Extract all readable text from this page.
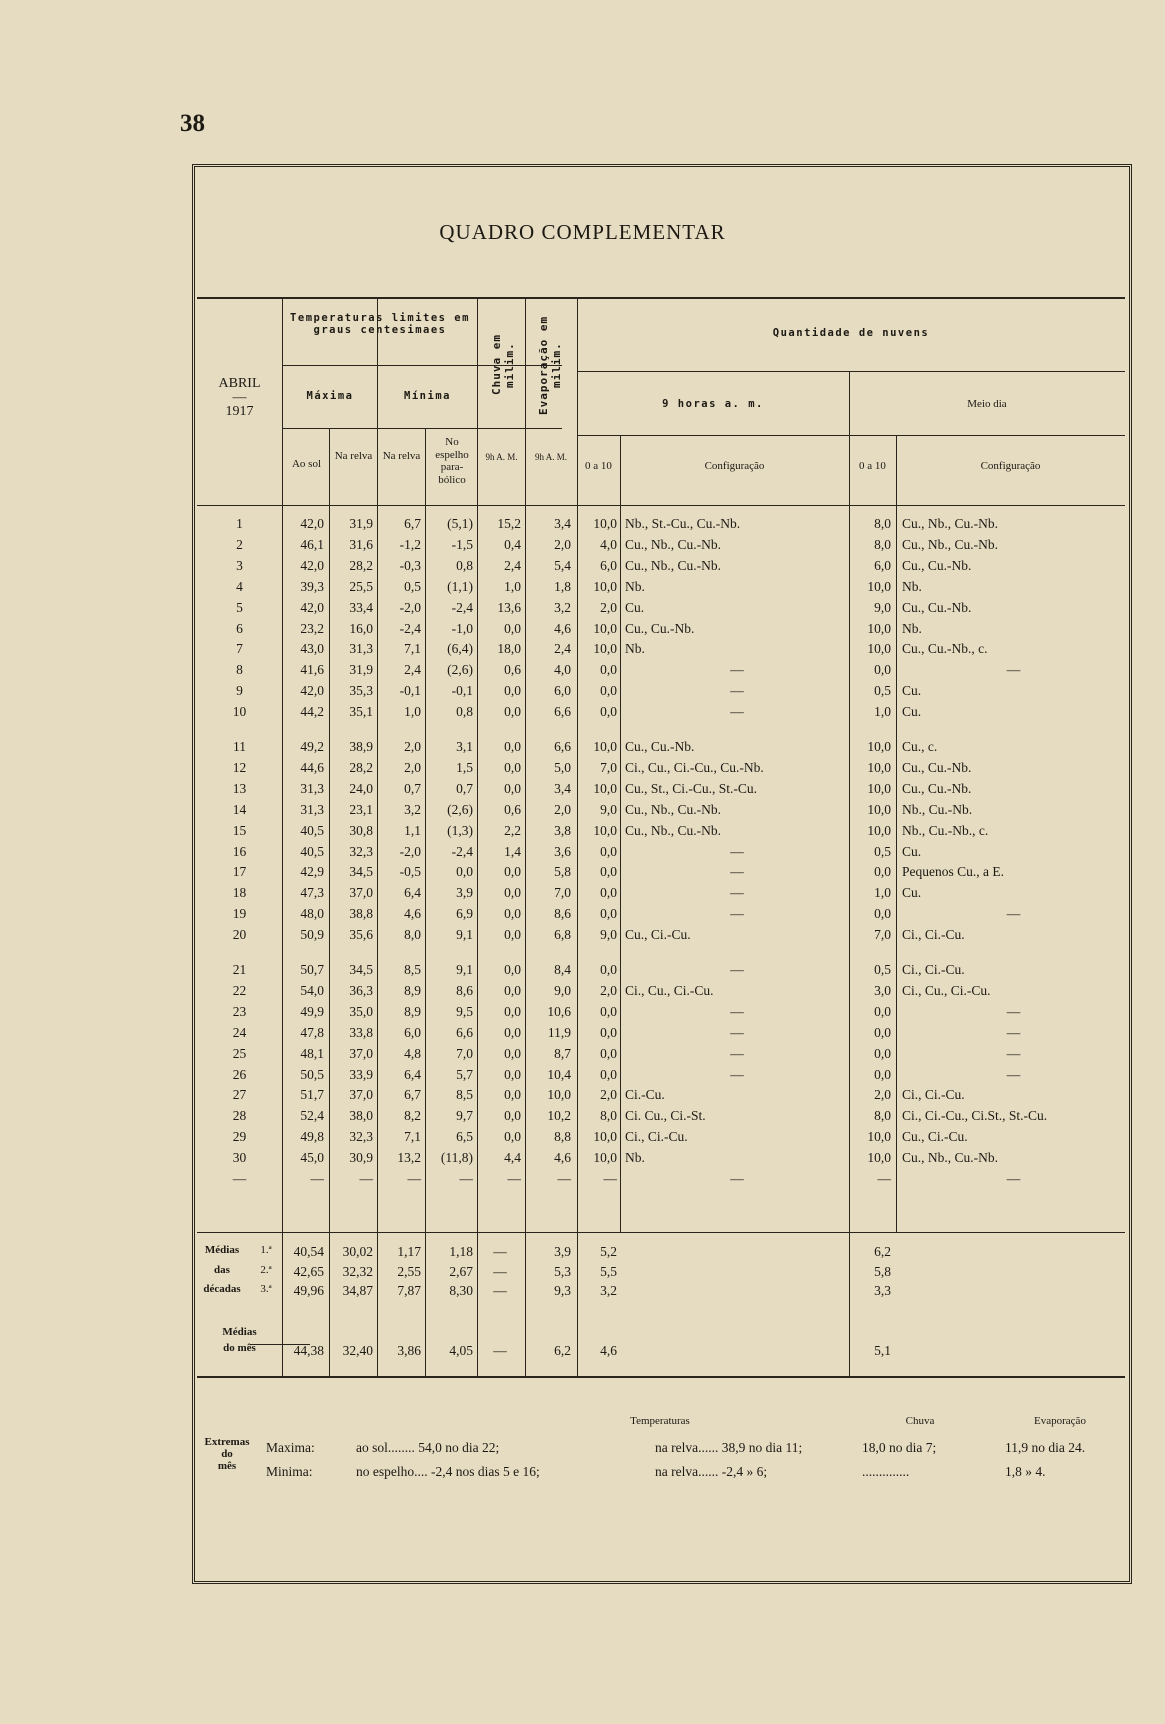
38
QUADRO COMPLEMENTAR
ABRIL
—
1917
Temperaturas limites em graus centesimaes
Máxima	Mínima
Ao sol
Na relva Na relva
No espelho para-bólico
Chuva em milim. Evaporação em milim.
9h A. M.	9h A. M.
Quantidade de nuvens
9 horas a. m.	Meio dia
0 a 10	Configuração	0 a 10	Configuração
1	42,0	31,9	6,7	(5,1)	15,2	3,4	10,0 Nb., St.-Cu., Cu.-Nb.	8,0 Cu., Nb., Cu.-Nb.
2	46,1	31,6	-1,2	-1,5	0,4	2,0	4,0 Cu., Nb., Cu.-Nb.	8,0 Cu., Nb., Cu.-Nb.
3	42,0	28,2	-0,3	0,8	2,4	5,4	6,0 Cu., Nb., Cu.-Nb.	6,0 Cu., Cu.-Nb.
4	39,3	25,5	0,5	(1,1)	1,0	1,8	10,0 Nb.	10,0 Nb.
5	42,0	33,4	-2,0	-2,4	13,6	3,2	2,0 Cu.	9,0 Cu., Cu.-Nb.
6	23,2	16,0	-2,4	-1,0	0,0	4,6	10,0 Cu., Cu.-Nb.	10,0 Nb.
7	43,0	31,3	7,1	(6,4)	18,0	2,4	10,0 Nb.	10,0 Cu., Cu.-Nb., c.
8	41,6	31,9	2,4	(2,6)	0,6	4,0	0,0	—	0,0	—
9	42,0	35,3	-0,1	-0,1	0,0	6,0	0,0	—	0,5 Cu.
10	44,2	35,1	1,0	0,8	0,0	6,6	0,0	—	1,0 Cu.
11	49,2	38,9	2,0	3,1	0,0	6,6	10,0 Cu., Cu.-Nb.	10,0 Cu., c.
12	44,6	28,2	2,0	1,5	0,0	5,0	7,0 Ci., Cu., Ci.-Cu., Cu.-Nb.	10,0 Cu., Cu.-Nb.
13	31,3	24,0	0,7	0,7	0,0	3,4	10,0 Cu., St., Ci.-Cu., St.-Cu.	10,0 Cu., Cu.-Nb.
14	31,3	23,1	3,2	(2,6)	0,6	2,0	9,0 Cu., Nb., Cu.-Nb.	10,0 Nb., Cu.-Nb.
15	40,5	30,8	1,1	(1,3)	2,2	3,8	10,0 Cu., Nb., Cu.-Nb.	10,0 Nb., Cu.-Nb., c.
16	40,5	32,3	-2,0	-2,4	1,4	3,6	0,0	—	0,5 Cu.
17	42,9	34,5	-0,5	0,0	0,0	5,8	0,0	—	0,0 Pequenos Cu., a E.
18	47,3	37,0	6,4	3,9	0,0	7,0	0,0	—	1,0 Cu.
19	48,0	38,8	4,6	6,9	0,0	8,6	0,0	—	0,0	—
20	50,9	35,6	8,0	9,1	0,0	6,8	9,0 Cu., Ci.-Cu.	7,0 Ci., Ci.-Cu.
21	50,7	34,5	8,5	9,1	0,0	8,4	0,0	—	0,5 Ci., Ci.-Cu.
22	54,0	36,3	8,9	8,6	0,0	9,0	2,0 Ci., Cu., Ci.-Cu.	3,0 Ci., Cu., Ci.-Cu.
23	49,9	35,0	8,9	9,5	0,0	10,6	0,0	—	0,0	—
24	47,8	33,8	6,0	6,6	0,0	11,9	0,0	—	0,0	—
25	48,1	37,0	4,8	7,0	0,0	8,7	0,0	—	0,0	—
26	50,5	33,9	6,4	5,7	0,0	10,4	0,0	—	0,0	—
27	51,7	37,0	6,7	8,5	0,0	10,0	2,0 Ci.-Cu.	2,0 Ci., Ci.-Cu.
28	52,4	38,0	8,2	9,7	0,0	10,2	8,0 Ci. Cu., Ci.-St.	8,0 Ci., Ci.-Cu., Ci.St., St.-Cu.
29	49,8	32,3	7,1	6,5	0,0	8,8	10,0 Ci., Ci.-Cu.	10,0 Cu., Ci.-Cu.
30	45,0	30,9	13,2	(11,8)	4,4	4,6	10,0 Nb.	10,0 Cu., Nb., Cu.-Nb.
—	—	—	—	—	—	—	—	—	—	—
Médias
das
décadas
1.ª
2.ª
3.ª
40,54	30,02	1,17	1,18	—	3,9	5,2	6,2
42,65	32,32	2,55	2,67	—	5,3	5,5	5,8
49,96	34,87	7,87	8,30	—	9,3	3,2	3,3
44,38	32,40	3,86	4,05	—	6,2	4,6	5,1
Médias
do mês
Temperaturas	Chuva	Evaporação
Extremas
do
mês
Maxima:
Minima:
ao sol........ 54,0 no dia 22;	na relva...... 38,9 no dia 11;	18,0 no dia 7;	11,9 no dia 24.
no espelho.... -2,4 nos dias 5 e 16;	na relva...... -2,4 » 6;	..............	1,8 » 4.
